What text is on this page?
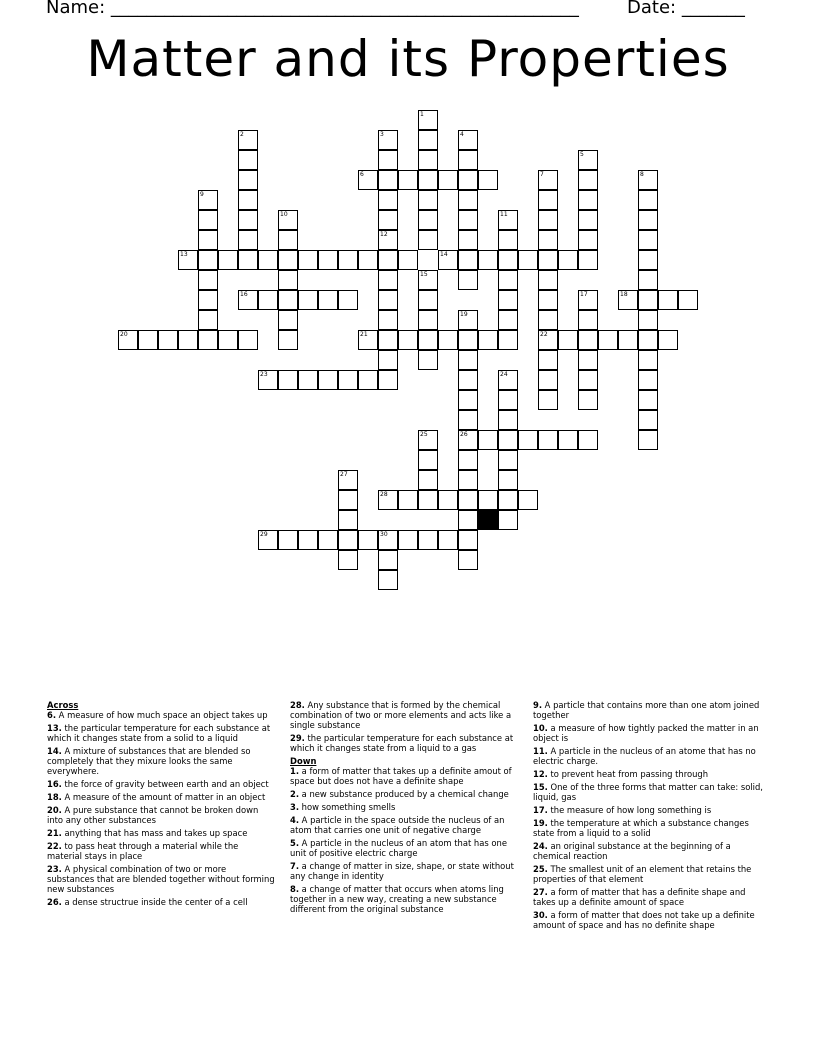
Name: ____________________________________________________	Date: _______
Matter and its Properties
1
2	3	4
5
6	7
22
8
9
10	11
12
13	14
15
16	17	18
19
26
20	21
23	24
25
27
28
29	30

Across

6. A measure of how much space an object takes up

13. the particular temperature for each substance at which it changes state from a solid to a liquid

14. A mixture of substances that are blended so completely that they mixure looks the same everywhere.

16. the force of gravity between earth and an object

18. A measure of the amount of matter in an object

20. A pure substance that cannot be broken down into any other substances

21. anything that has mass and takes up space

22. to pass heat through a material while the material stays in place

23. A physical combination of two or more substances that are blended together without forming new substances

26. a dense structrue inside the center of a cell

28. Any substance that is formed by the chemical combination of two or more elements and acts like a single substance

29. the particular temperature for each substance at which it changes state from a liquid to a gas

Down

1. a form of matter that takes up a definite amout of space but does not have a definite shape

2. a new substance produced by a chemical change

3. how something smells

4. A particle in the space outside the nucleus of an atom that carries one unit of negative charge

5. A particle in the nucleus of an atom that has one unit of positive electric charge

7. a change of matter in size, shape, or state without any change in identity

8. a change of matter that occurs when atoms ling together in a new way, creating a new substance different from the original substance

9. A particle that contains more than one atom joined together

10. a measure of how tightly packed the matter in an object is

11. A particle in the nucleus of an atome that has no electric charge.

12. to prevent heat from passing through

15. One of the three forms that matter can take: solid, liquid, gas

17. the measure of how long something is

19. the temperature at which a substance changes state from a liquid to a solid

24. an original substance at the beginning of a chemical reaction

25. The smallest unit of an element that retains the properties of that element

27. a form of matter that has a definite shape and takes up a definite amount of space

30. a form of matter that does not take up a definite amount of space and has no definite shape
